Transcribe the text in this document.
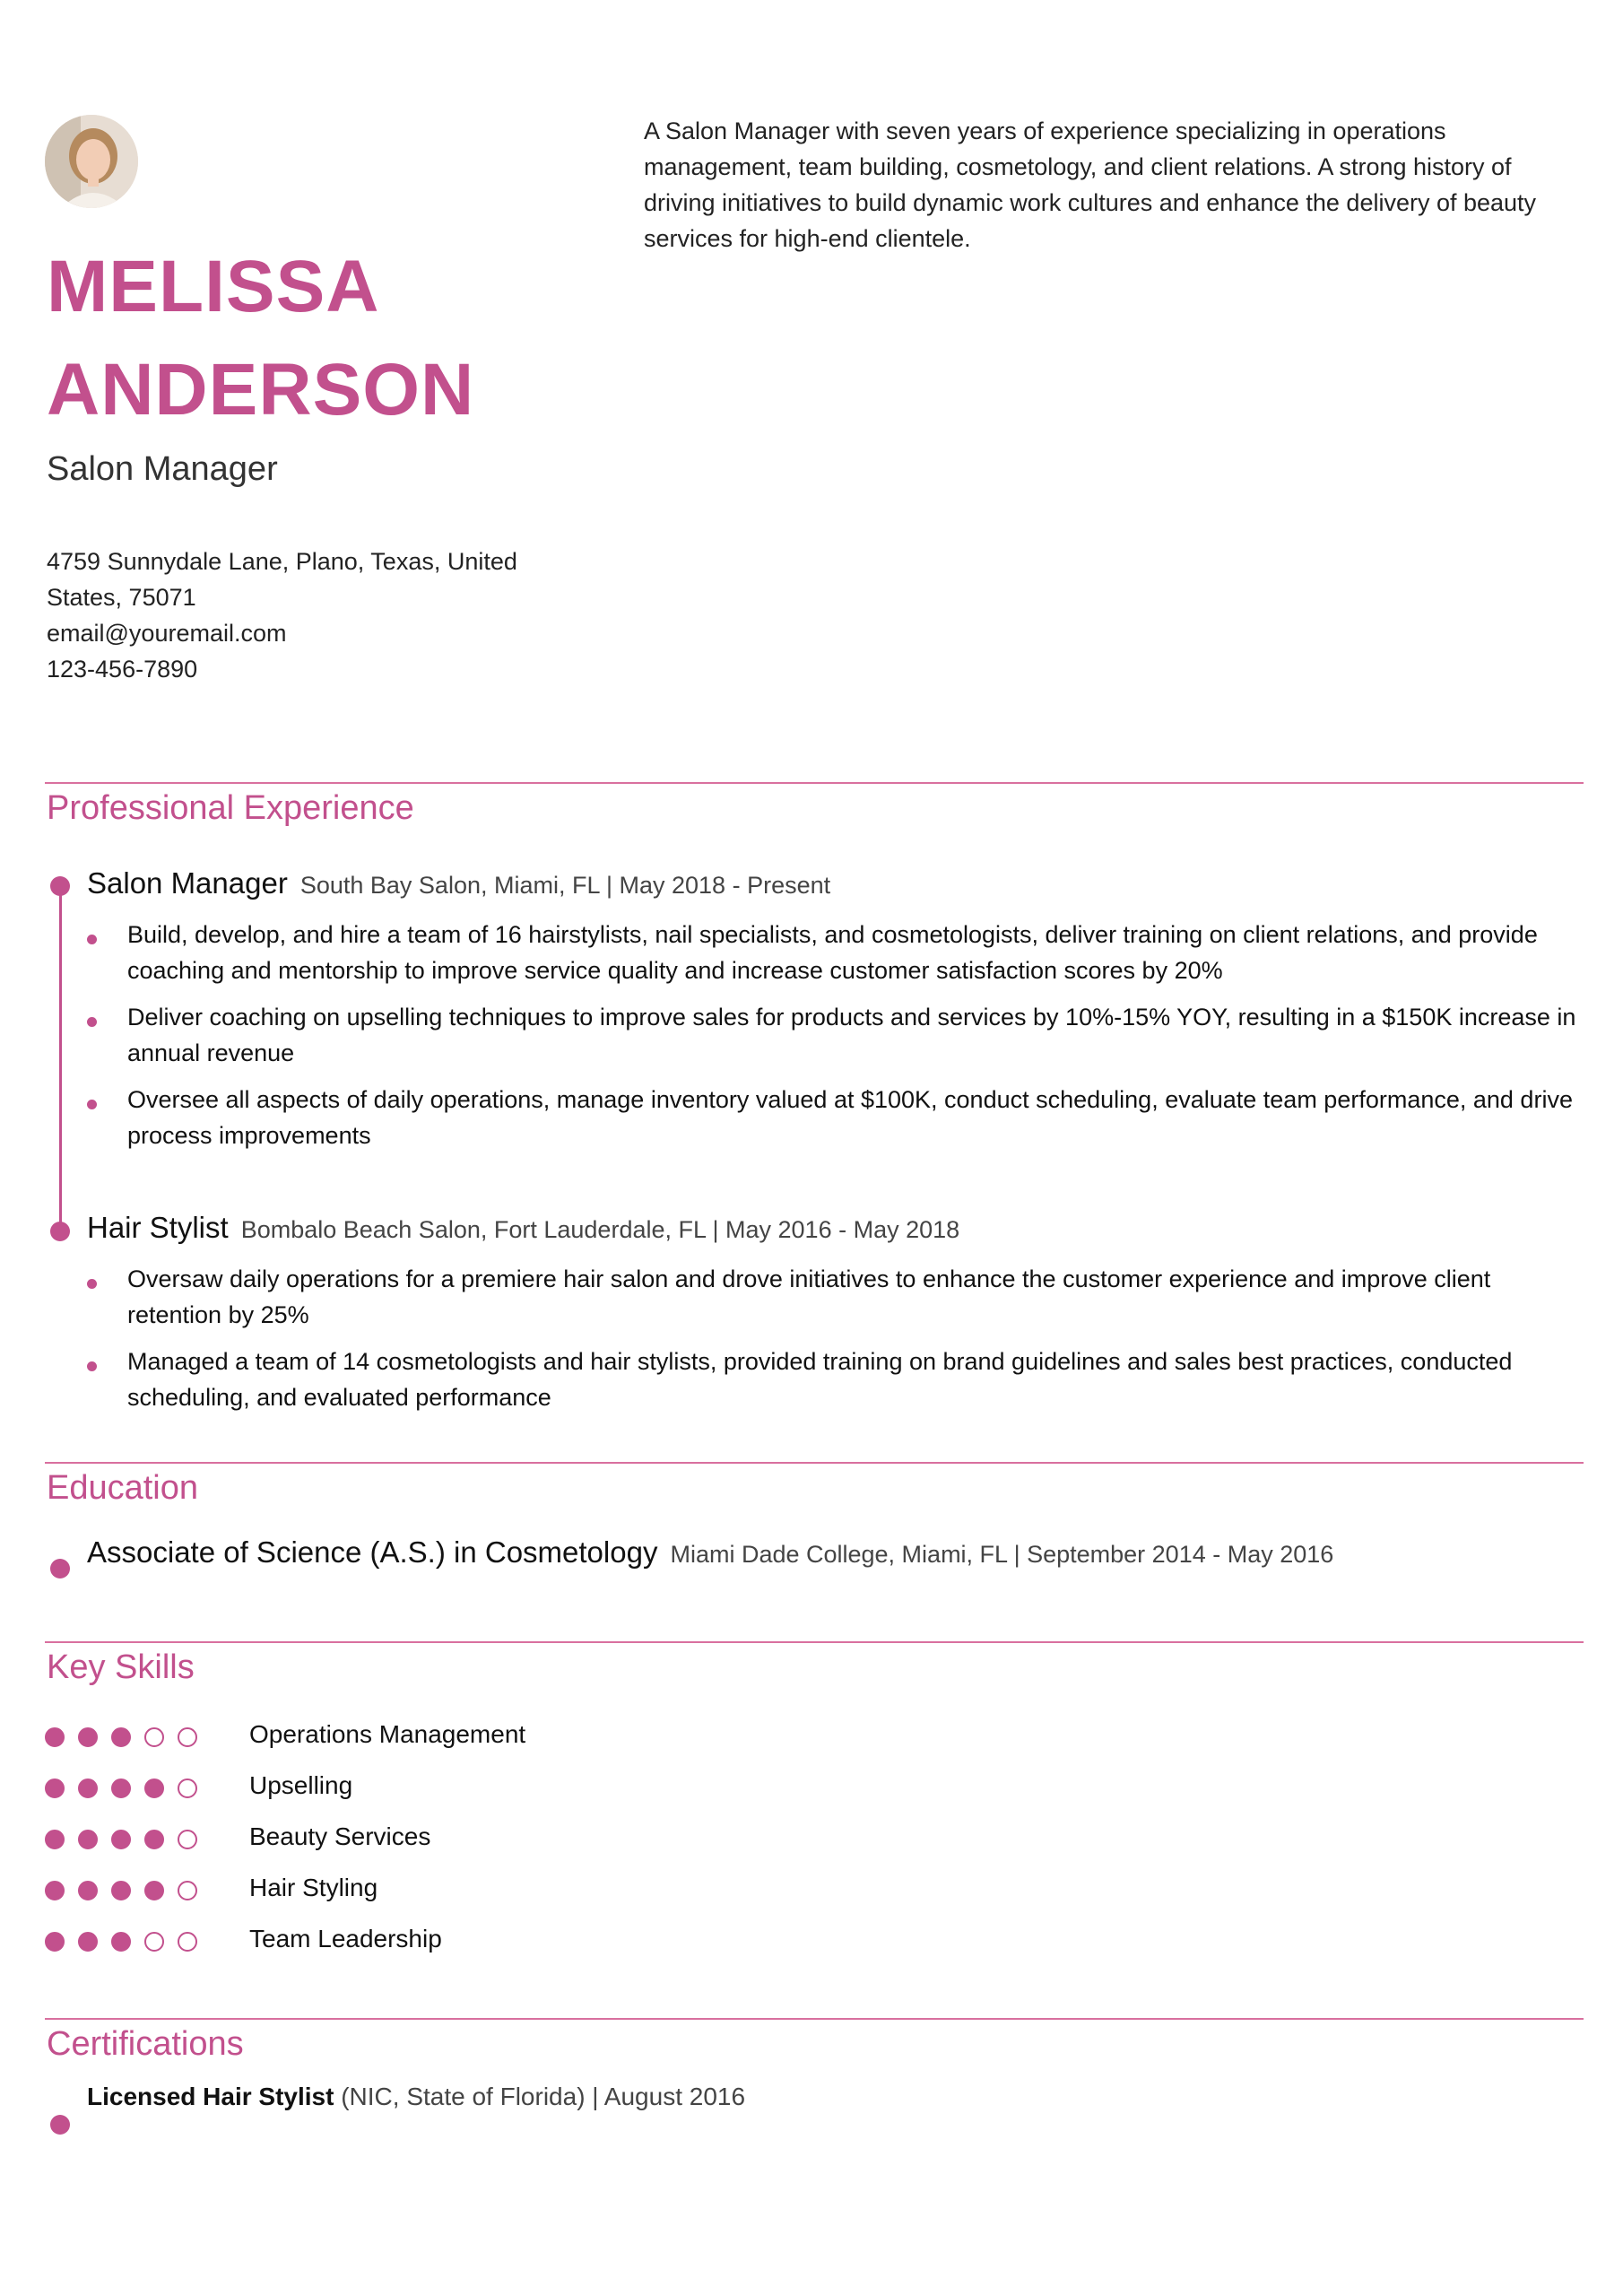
MELISSA ANDERSON
Salon Manager
4759 Sunnydale Lane, Plano, Texas, United States, 75071
email@youremail.com
123-456-7890
A Salon Manager with seven years of experience specializing in operations management, team building, cosmetology, and client relations. A strong history of driving initiatives to build dynamic work cultures and enhance the delivery of beauty services for high-end clientele.
Professional Experience
Salon Manager South Bay Salon, Miami, FL | May 2018 - Present
Build, develop, and hire a team of 16 hairstylists, nail specialists, and cosmetologists, deliver training on client relations, and provide coaching and mentorship to improve service quality and increase customer satisfaction scores by 20%
Deliver coaching on upselling techniques to improve sales for products and services by 10%-15% YOY, resulting in a $150K increase in annual revenue
Oversee all aspects of daily operations, manage inventory valued at $100K, conduct scheduling, evaluate team performance, and drive process improvements
Hair Stylist Bombalo Beach Salon, Fort Lauderdale, FL | May 2016 - May 2018
Oversaw daily operations for a premiere hair salon and drove initiatives to enhance the customer experience and improve client retention by 25%
Managed a team of 14 cosmetologists and hair stylists, provided training on brand guidelines and sales best practices, conducted scheduling, and evaluated performance
Education
Associate of Science (A.S.) in Cosmetology Miami Dade College, Miami, FL | September 2014 - May 2016
Key Skills
Operations Management
Upselling
Beauty Services
Hair Styling
Team Leadership
Certifications
Licensed Hair Stylist (NIC, State of Florida) | August 2016
